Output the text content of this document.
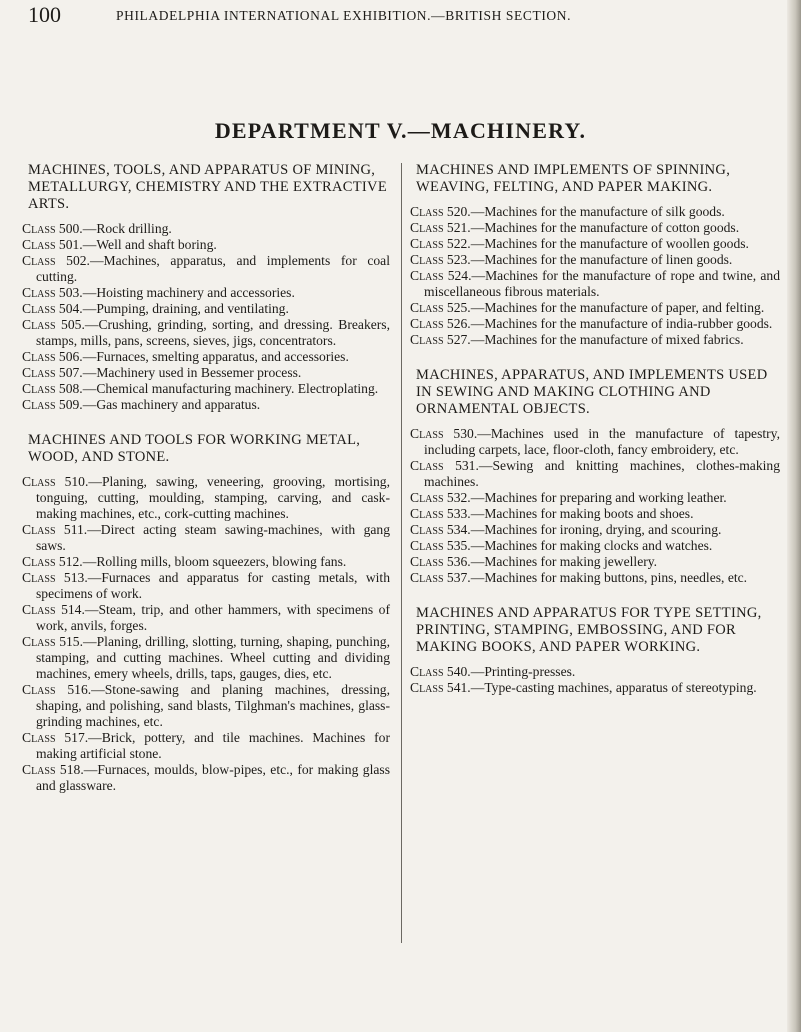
100	PHILADELPHIA INTERNATIONAL EXHIBITION.—BRITISH SECTION.
DEPARTMENT V.—MACHINERY.
MACHINES, TOOLS, AND APPARATUS OF MINING, METALLURGY, CHEMISTRY AND THE EXTRACTIVE ARTS.

Class 500.—Rock drilling.

Class 501.—Well and shaft boring.

Class 502.—Machines, apparatus, and implements for coal cutting.

Class 503.—Hoisting machinery and accessories.

Class 504.—Pumping, draining, and ventilating.

Class 505.—Crushing, grinding, sorting, and dressing. Breakers, stamps, mills, pans, screens, sieves, jigs, concentrators.

Class 506.—Furnaces, smelting apparatus, and accessories.

Class 507.—Machinery used in Bessemer process.

Class 508.—Chemical manufacturing machinery. Electroplating.

Class 509.—Gas machinery and apparatus.

MACHINES AND TOOLS FOR WORKING METAL, WOOD, AND STONE.

Class 510.—Planing, sawing, veneering, grooving, mortising, tonguing, cutting, moulding, stamping, carving, and cask-making machines, etc., cork-cutting machines.

Class 511.—Direct acting steam sawing-machines, with gang saws.

Class 512.—Rolling mills, bloom squeezers, blowing fans.

Class 513.—Furnaces and apparatus for casting metals, with specimens of work.

Class 514.—Steam, trip, and other hammers, with specimens of work, anvils, forges.

Class 515.—Planing, drilling, slotting, turning, shaping, punching, stamping, and cutting machines. Wheel cutting and dividing machines, emery wheels, drills, taps, gauges, dies, etc.

Class 516.—Stone-sawing and planing machines, dressing, shaping, and polishing, sand blasts, Tilghman's machines, glass-grinding machines, etc.

Class 517.—Brick, pottery, and tile machines. Machines for making artificial stone.

Class 518.—Furnaces, moulds, blow-pipes, etc., for making glass and glassware.

MACHINES AND IMPLEMENTS OF SPINNING, WEAVING, FELTING, AND PAPER MAKING.

Class 520.—Machines for the manufacture of silk goods.

Class 521.—Machines for the manufacture of cotton goods.

Class 522.—Machines for the manufacture of woollen goods.

Class 523.—Machines for the manufacture of linen goods.

Class 524.—Machines for the manufacture of rope and twine, and miscellaneous fibrous materials.

Class 525.—Machines for the manufacture of paper, and felting.

Class 526.—Machines for the manufacture of india-rubber goods.

Class 527.—Machines for the manufacture of mixed fabrics.

MACHINES, APPARATUS, AND IMPLEMENTS USED IN SEWING AND MAKING CLOTHING AND ORNAMENTAL OBJECTS.

Class 530.—Machines used in the manufacture of tapestry, including carpets, lace, floor-cloth, fancy embroidery, etc.

Class 531.—Sewing and knitting machines, clothes-making machines.

Class 532.—Machines for preparing and working leather.

Class 533.—Machines for making boots and shoes.

Class 534.—Machines for ironing, drying, and scouring.

Class 535.—Machines for making clocks and watches.

Class 536.—Machines for making jewellery.

Class 537.—Machines for making buttons, pins, needles, etc.

MACHINES AND APPARATUS FOR TYPE SETTING, PRINTING, STAMPING, EMBOSSING, AND FOR MAKING BOOKS, AND PAPER WORKING.

Class 540.—Printing-presses.

Class 541.—Type-casting machines, apparatus of stereotyping.
